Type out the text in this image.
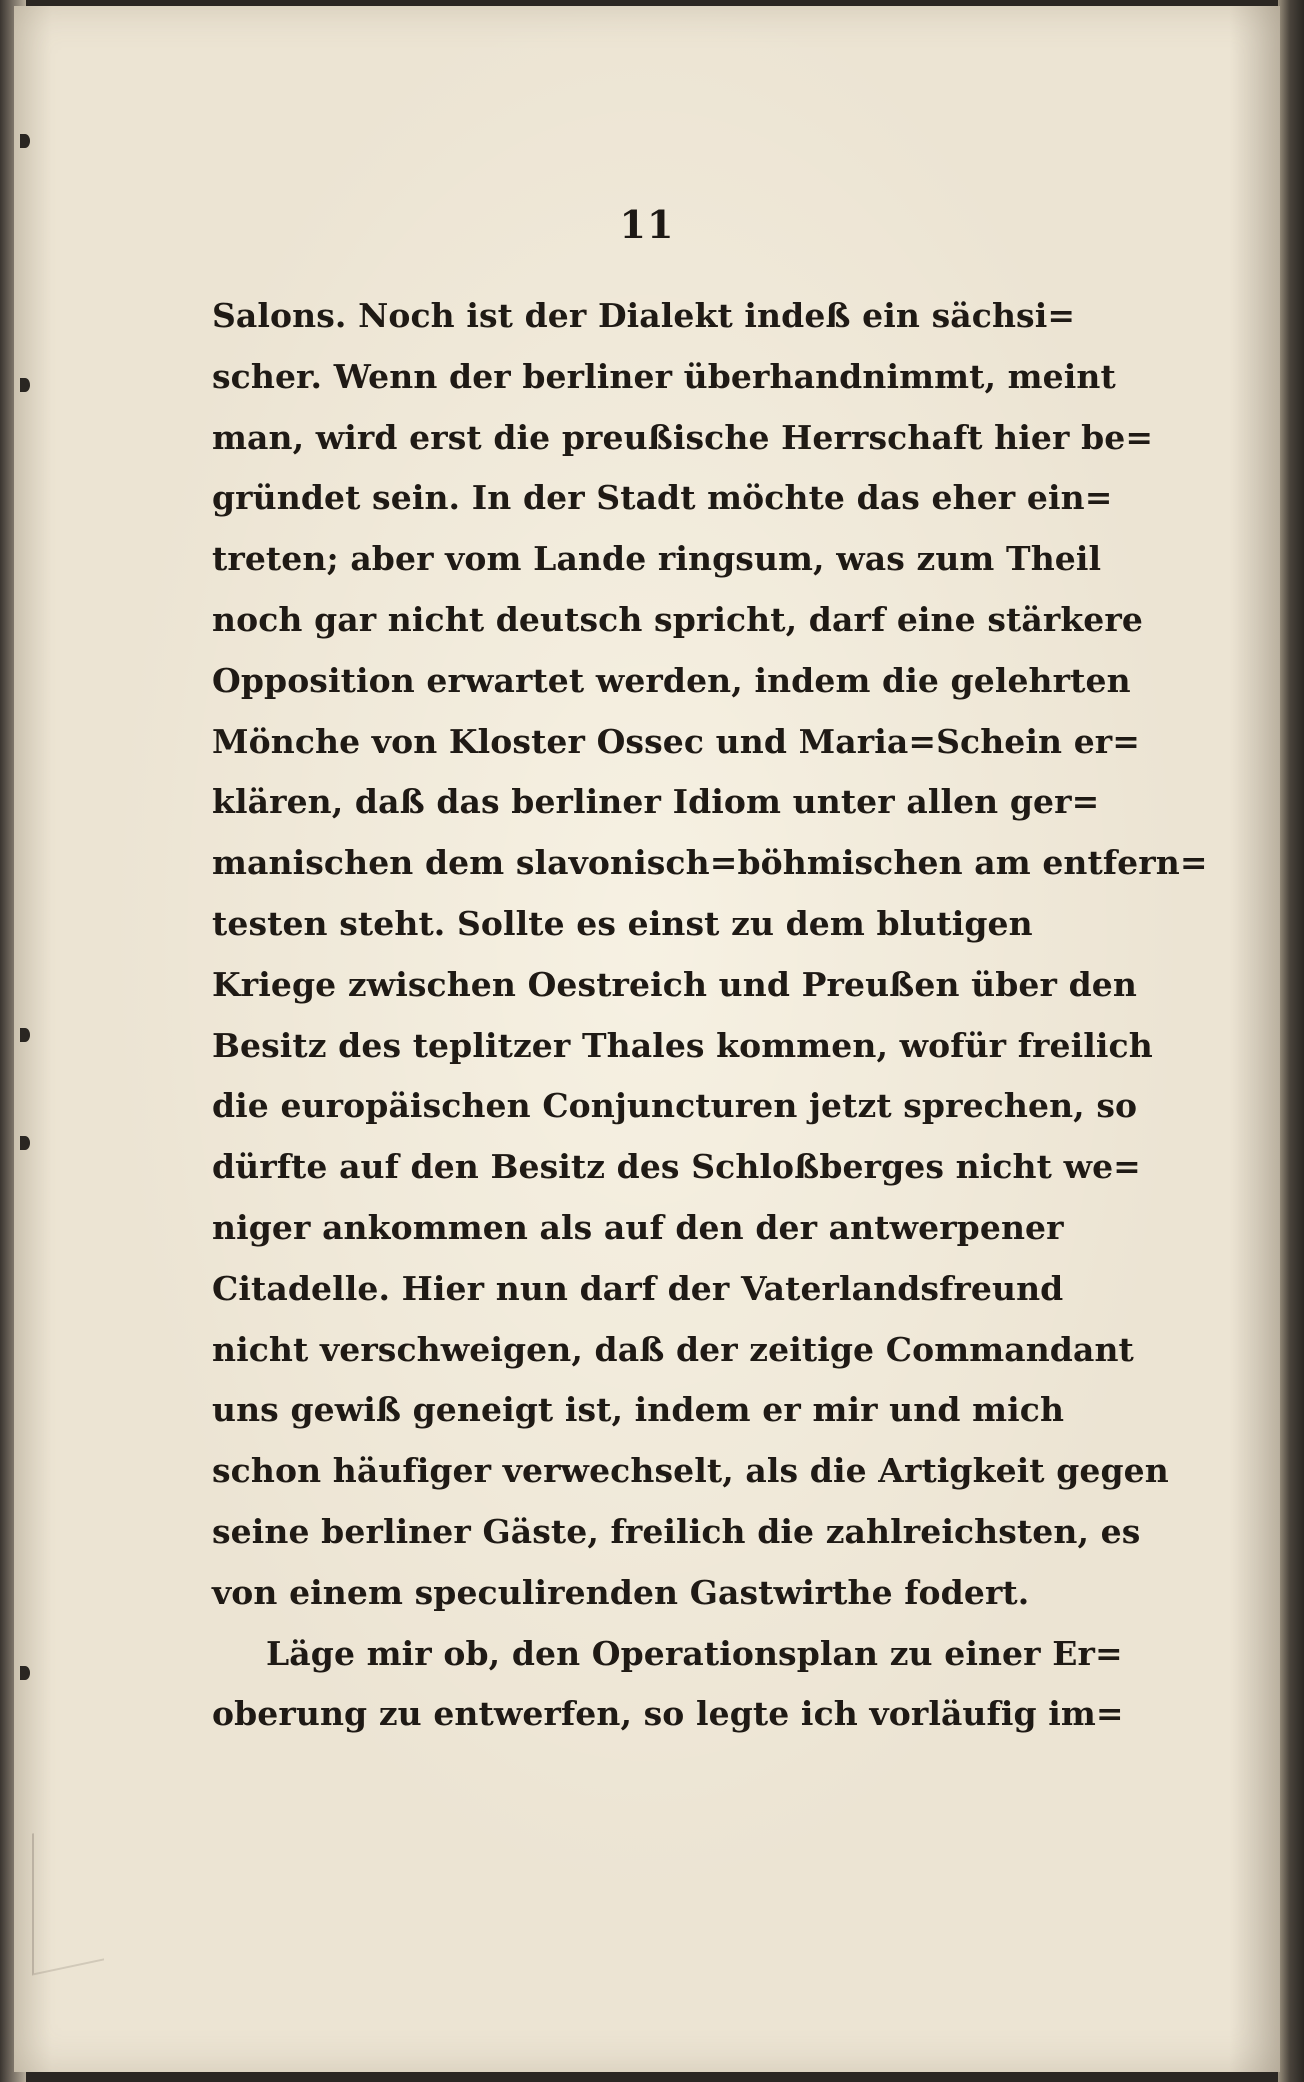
11
Salons. Noch ist der Dialekt indeß ein sächsi=
scher. Wenn der berliner überhandnimmt, meint
man, wird erst die preußische Herrschaft hier be=
gründet sein. In der Stadt möchte das eher ein=
treten; aber vom Lande ringsum, was zum Theil
noch gar nicht deutsch spricht, darf eine stärkere
Opposition erwartet werden, indem die gelehrten
Mönche von Kloster Ossec und Maria=Schein er=
klären, daß das berliner Idiom unter allen ger=
manischen dem slavonisch=böhmischen am entfern=
testen steht. Sollte es einst zu dem blutigen
Kriege zwischen Oestreich und Preußen über den
Besitz des teplitzer Thales kommen, wofür freilich
die europäischen Conjuncturen jetzt sprechen, so
dürfte auf den Besitz des Schloßberges nicht we=
niger ankommen als auf den der antwerpener
Citadelle. Hier nun darf der Vaterlandsfreund
nicht verschweigen, daß der zeitige Commandant
uns gewiß geneigt ist, indem er mir und mich
schon häufiger verwechselt, als die Artigkeit gegen
seine berliner Gäste, freilich die zahlreichsten, es
von einem speculirenden Gastwirthe fodert.
Läge mir ob, den Operationsplan zu einer Er=
oberung zu entwerfen, so legte ich vorläufig im=
